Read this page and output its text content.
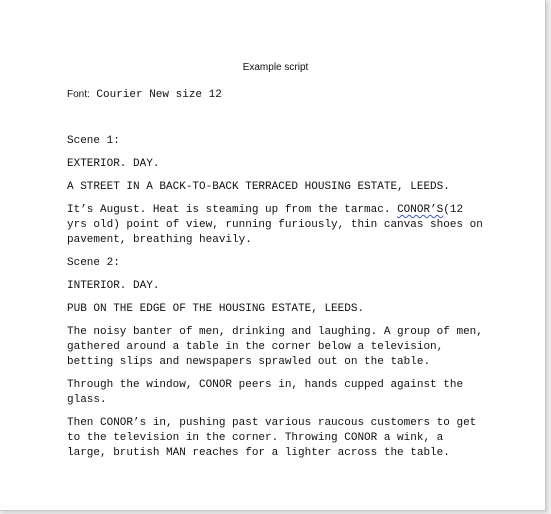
Example script
Font: Courier New size 12

Scene 1:

EXTERIOR. DAY.

A STREET IN A BACK-TO-BACK TERRACED HOUSING ESTATE, LEEDS.

It’s August. Heat is steaming up from the tarmac. CONOR’S(12 yrs old) point of view, running furiously, thin canvas shoes on pavement, breathing heavily.

Scene 2:

INTERIOR. DAY.

PUB ON THE EDGE OF THE HOUSING ESTATE, LEEDS.

The noisy banter of men, drinking and laughing. A group of men, gathered around a table in the corner below a television, betting slips and newspapers sprawled out on the table.

Through the window, CONOR peers in, hands cupped against the glass.

Then CONOR’s in, pushing past various raucous customers to get to the television in the corner. Throwing CONOR a wink, a large, brutish MAN reaches for a lighter across the table.
